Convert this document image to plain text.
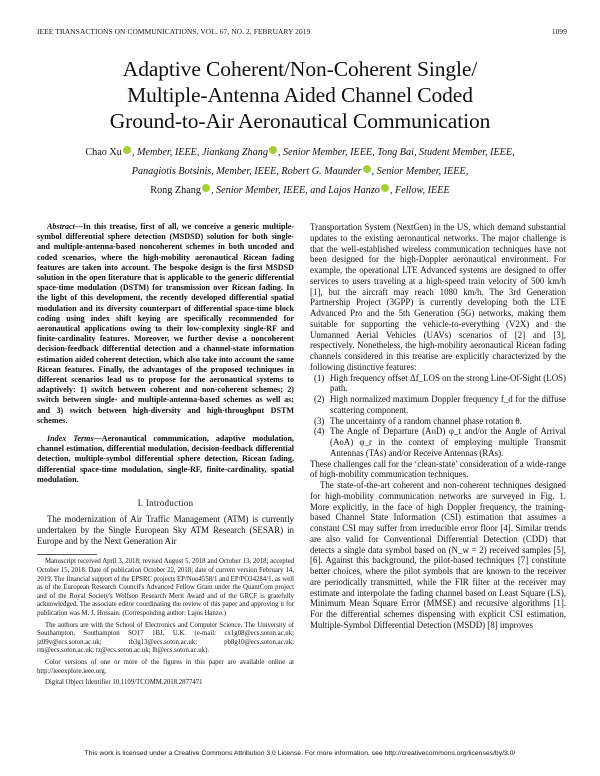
IEEE TRANSACTIONS ON COMMUNICATIONS, VOL. 67, NO. 2, FEBRUARY 2019	1099
Adaptive Coherent/Non-Coherent Single/
Multiple-Antenna Aided Channel Coded
Ground-to-Air Aeronautical Communication
Chao Xu , Member, IEEE, Jiankang Zhang , Senior Member, IEEE, Tong Bai, Student Member, IEEE,
Panagiotis Botsinis, Member, IEEE, Robert G. Maunder , Senior Member, IEEE,
Rong Zhang , Senior Member, IEEE, and Lajos Hanzo , Fellow, IEEE

Abstract—In this treatise, first of all, we conceive a generic multiple-symbol differential sphere detection (MSDSD) solution for both single- and multiple-antenna-based noncoherent schemes in both uncoded and coded scenarios, where the high-mobility aeronautical Ricean fading features are taken into account. The bespoke design is the first MSDSD solution in the open literature that is applicable to the generic differential space-time modulation (DSTM) for transmission over Ricean fading. In the light of this development, the recently developed differential spatial modulation and its diversity counterpart of differential space-time block coding using index shift keying are specifically recommended for aeronautical applications owing to their low-complexity single-RF and finite-cardinality features. Moreover, we further devise a noncoherent decision-feedback differential detection and a channel-state information estimation aided coherent detection, which also take into account the same Ricean features. Finally, the advantages of the proposed techniques in different scenarios lead us to propose for the aeronautical systems to adaptively: 1) switch between coherent and non-coherent schemes; 2) switch between single- and multiple-antenna-based schemes as well as; and 3) switch between high-diversity and high-throughput DSTM schemes.

Index Terms—Aeronautical communication, adaptive modulation, channel estimation, differential modulation, decision-feedback differential detection, multiple-symbol differential sphere detection, Ricean fading, differential space-time modulation, single-RF, finite-cardinality, spatial modulation.

I. Introduction

The modernization of Air Traffic Management (ATM) is currently undertaken by the Single European Sky ATM Research (SESAR) in Europe and by the Next Generation Air

Manuscript received April 3, 2018; revised August 5, 2018 and October 13, 2018; accepted October 15, 2018. Date of publication October 22, 2018; date of current version February 14, 2019. The financial support of the EPSRC projects EP/Noo4558/1 and EP/PO34284/1, as well as of the European Research Council's Advanced Fellow Grant under the QuantCom project and of the Royal Society's Wolfson Research Merit Award and of the GRCF is gratefully acknowledged. The associate editor coordinating the review of this paper and approving it for publication was M. J. Hossain. (Corresponding author: Lajos Hanzo.)

The authors are with the School of Electronics and Computer Science, The University of Southampton, Southampton SO17 1BJ, U.K. (e-mail: cx1g08@ecs.soton.ac.uk; jz09v@ecs.soton.ac.uk; tb3g13@ecs.soton.ac.uk; pb8g10@ecs.soton.ac.uk; rm@ecs.soton.ac.uk; rz@ecs.soton.ac.uk; lh@ecs.soton.ac.uk).

Color versions of one or more of the figures in this paper are available online at http://ieeexplore.ieee.org.

Digital Object Identifier 10.1109/TCOMM.2018.2877471

Transportation System (NextGen) in the US, which demand substantial updates to the existing aeronautical networks. The major challenge is that the well-established wireless communication techniques have not been designed for the high-Doppler aeronautical environment. For example, the operational LTE Advanced systems are designed to offer services to users traveling at a high-speed train velocity of 500 km/h [1], but the aircraft may reach 1080 km/h. The 3rd Generation Partnership Project (3GPP) is currently developing both the LTE Advanced Pro and the 5th Generation (5G) networks, making them suitable for supporting the vehicle-to-everything (V2X) and the Unmanned Aerial Vehicles (UAVs) scenarios of [2] and [3], respectively. Nonetheless, the high-mobility aeronautical Ricean fading channels considered in this treatise are explicitly characterized by the following distinctive features:

(1) High frequency offset Δf_LOS on the strong Line-Of-Sight (LOS) path.
(2) High normalized maximum Doppler frequency f_d for the diffuse scattering component.
(3) The uncertainty of a random channel phase rotation θ.
(4) The Angle of Departure (AoD) φ_t and/or the Angle of Arrival (AoA) φ_r in the context of employing multiple Transmit Antennas (TAs) and/or Receive Antennas (RAs).

These challenges call for the ‘clean-state’ consideration of a wide-range of high-mobility communication techniques.

The state-of-the-art coherent and non-coherent techniques designed for high-mobility communication networks are surveyed in Fig. 1. More explicitly, in the face of high Doppler frequency, the training-based Channel State Information (CSI) estimation that assumes a constant CSI may suffer from irreducible error floor [4]. Similar trends are also valid for Conventional Differential Detection (CDD) that detects a single data symbol based on (N_w = 2) received samples [5], [6]. Against this background, the pilot-based techniques [7] constitute better choices, where the pilot symbols that are known to the receiver are periodically transmitted, while the FIR filter at the receiver may estimate and interpolate the fading channel based on Least Square (LS), Minimum Mean Square Error (MMSE) and recursive algorithms [1]. For the differential schemes dispensing with explicit CSI estimation, Multiple-Symbol Differential Detection (MSDD) [8] improves

This work is licensed under a Creative Commons Attribution 3.0 License. For more information, see http://creativecommons.org/licenses/by/3.0/
